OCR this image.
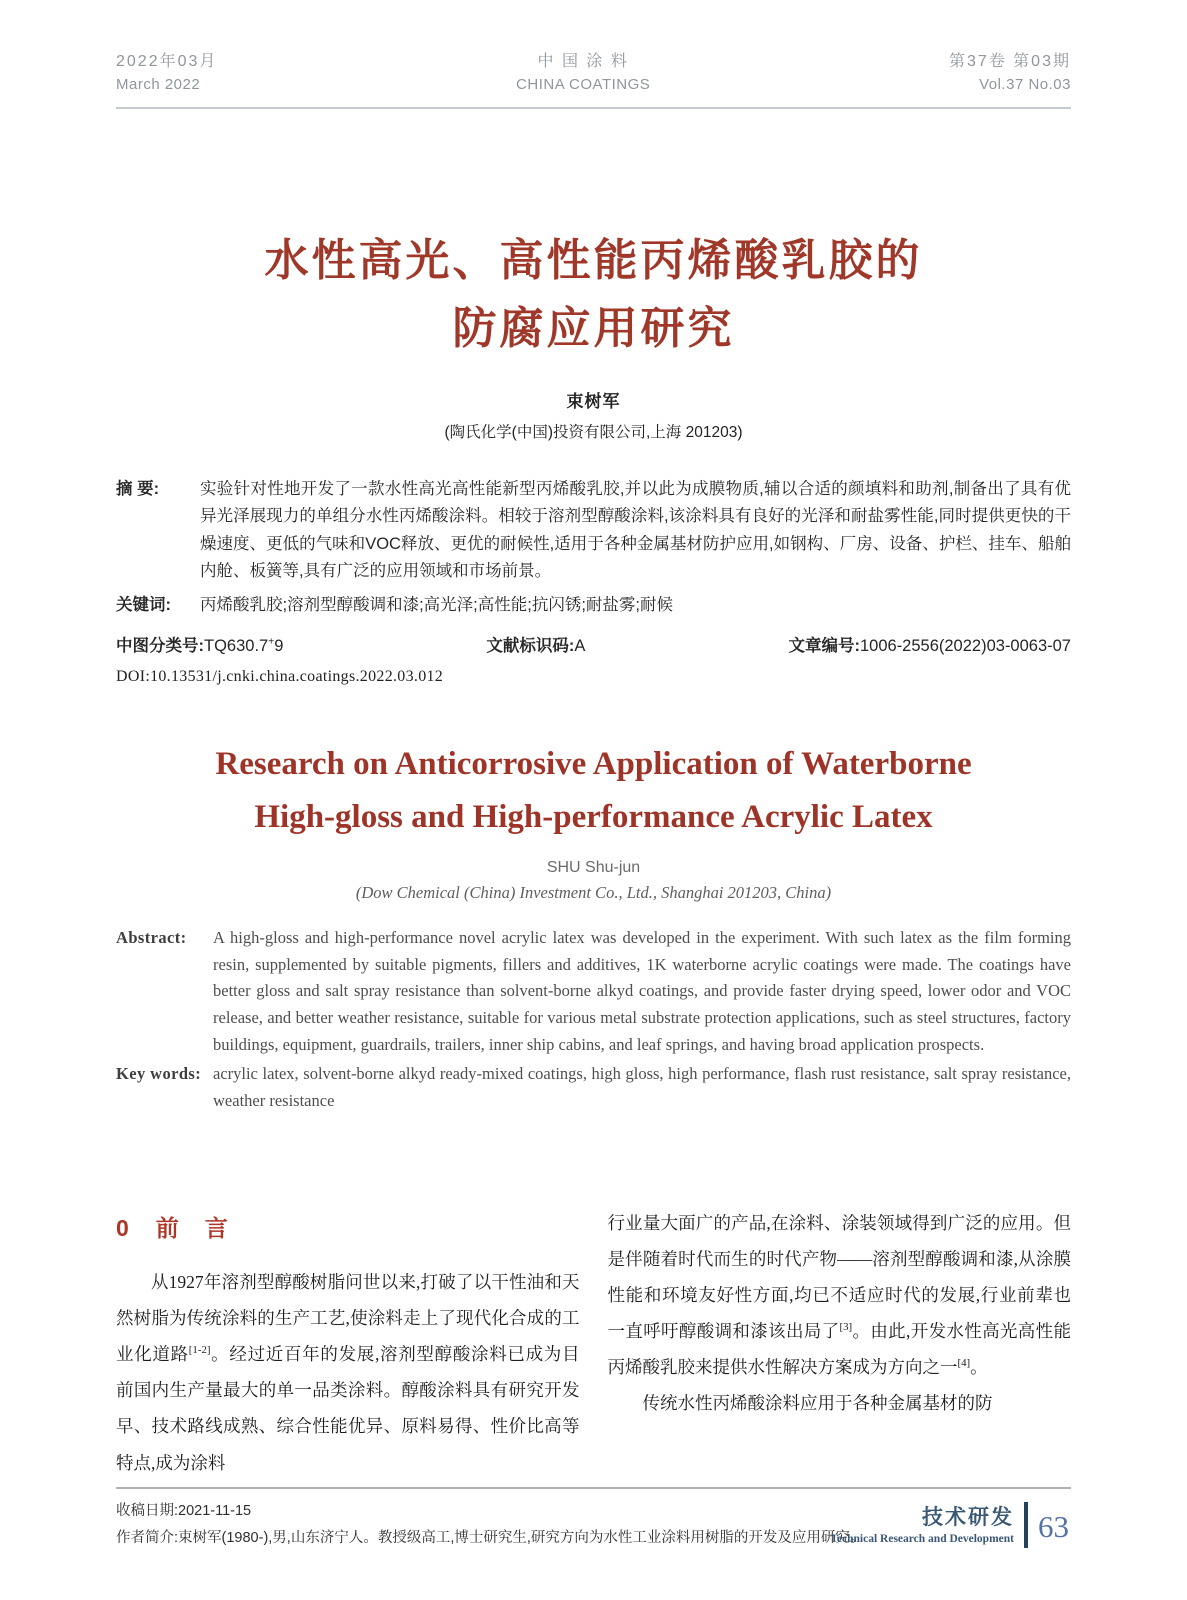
2022年03月
March 2022
中 国 涂 料
CHINA COATINGS
第37卷 第03期
Vol.37 No.03
水性高光、高性能丙烯酸乳胶的
防腐应用研究
束树军
(陶氏化学(中国)投资有限公司,上海 201203)
摘 要:	实验针对性地开发了一款水性高光高性能新型丙烯酸乳胶,并以此为成膜物质,辅以合适的颜填料和助剂,制备出了具有优异光泽展现力的单组分水性丙烯酸涂料。相较于溶剂型醇酸涂料,该涂料具有良好的光泽和耐盐雾性能,同时提供更快的干燥速度、更低的气味和VOC释放、更优的耐候性,适用于各种金属基材防护应用,如钢构、厂房、设备、护栏、挂车、船舶内舱、板簧等,具有广泛的应用领域和市场前景。
关键词:	丙烯酸乳胶;溶剂型醇酸调和漆;高光泽;高性能;抗闪锈;耐盐雾;耐候
中图分类号:TQ630.7+9	文献标识码:A	文章编号:1006-2556(2022)03-0063-07
DOI:10.13531/j.cnki.china.coatings.2022.03.012
Research on Anticorrosive Application of Waterborne
High-gloss and High-performance Acrylic Latex
SHU Shu-jun
(Dow Chemical (China) Investment Co., Ltd., Shanghai 201203, China)
Abstract:	A high-gloss and high-performance novel acrylic latex was developed in the experiment. With such latex as the film forming resin, supplemented by suitable pigments, fillers and additives, 1K waterborne acrylic coatings were made. The coatings have better gloss and salt spray resistance than solvent-borne alkyd coatings, and provide faster drying speed, lower odor and VOC release, and better weather resistance, suitable for various metal substrate protection applications, such as steel structures, factory buildings, equipment, guardrails, trailers, inner ship cabins, and leaf springs, and having broad application prospects.
Key words: acrylic latex, solvent-borne alkyd ready-mixed coatings, high gloss, high performance, flash rust resistance, salt spray resistance, weather resistance
0 前言
从1927年溶剂型醇酸树脂问世以来,打破了以干性油和天然树脂为传统涂料的生产工艺,使涂料走上了现代化合成的工业化道路[1-2]。经过近百年的发展,溶剂型醇酸涂料已成为目前国内生产量最大的单一品类涂料。醇酸涂料具有研究开发早、技术路线成熟、综合性能优异、原料易得、性价比高等特点,成为涂料
行业量大面广的产品,在涂料、涂装领域得到广泛的应用。但是伴随着时代而生的时代产物——溶剂型醇酸调和漆,从涂膜性能和环境友好性方面,均已不适应时代的发展,行业前辈也一直呼吁醇酸调和漆该出局了[3]。由此,开发水性高光高性能丙烯酸乳胶来提供水性解决方案成为方向之一[4]。
传统水性丙烯酸涂料应用于各种金属基材的防
收稿日期:2021-11-15
作者简介:束树军(1980-),男,山东济宁人。教授级高工,博士研究生,研究方向为水性工业涂料用树脂的开发及应用研究。
技术研发
Technical Research and Development 63
